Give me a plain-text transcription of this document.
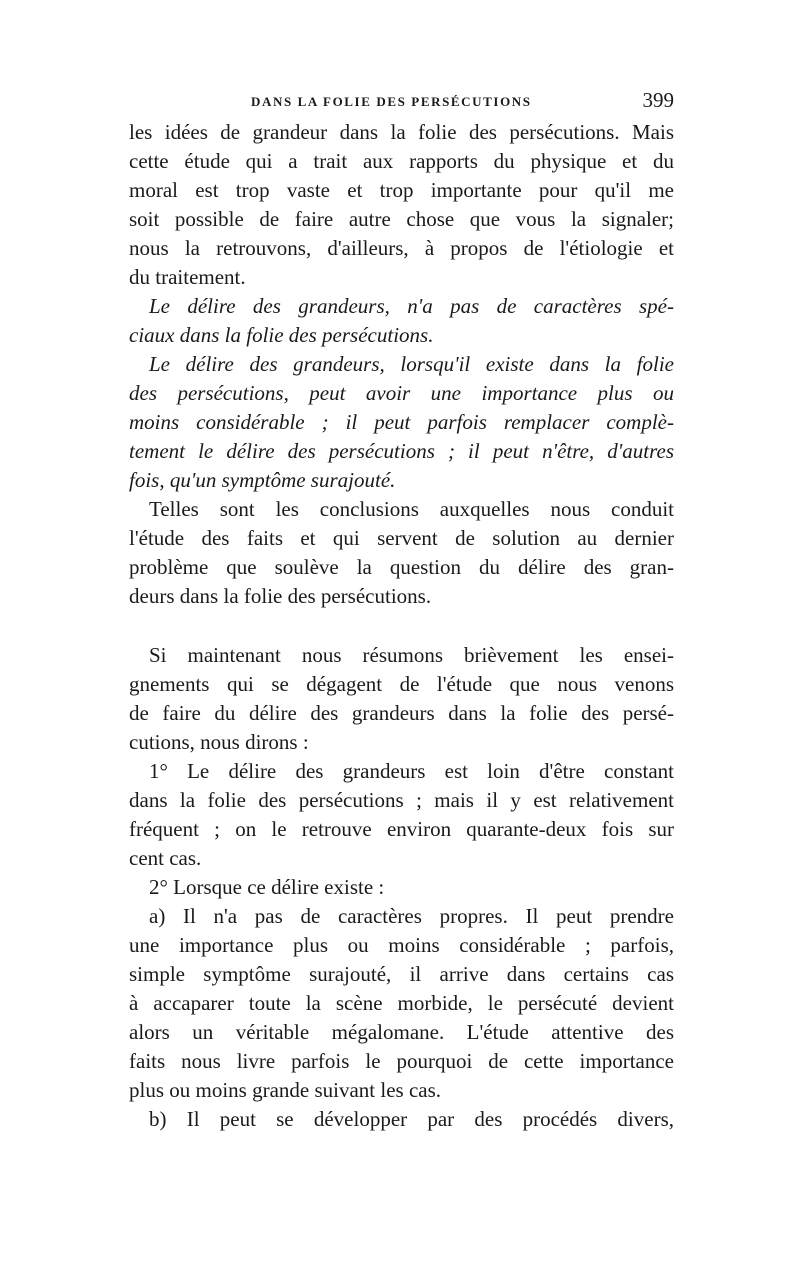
DANS LA FOLIE DES PERSÉCUTIONS	399
les idées de grandeur dans la folie des persécutions. Mais
cette étude qui a trait aux rapports du physique et du
moral est trop vaste et trop importante pour qu'il me
soit possible de faire autre chose que vous la signaler;
nous la retrouvons, d'ailleurs, à propos de l'étiologie et
du traitement.
Le délire des grandeurs, n'a pas de caractères spé-
ciaux dans la folie des persécutions.
Le délire des grandeurs, lorsqu'il existe dans la folie
des persécutions, peut avoir une importance plus ou
moins considérable ; il peut parfois remplacer complè-
tement le délire des persécutions ; il peut n'être, d'autres
fois, qu'un symptôme surajouté.
Telles sont les conclusions auxquelles nous conduit
l'étude des faits et qui servent de solution au dernier
problème que soulève la question du délire des gran-
deurs dans la folie des persécutions.
Si maintenant nous résumons brièvement les ensei-
gnements qui se dégagent de l'étude que nous venons
de faire du délire des grandeurs dans la folie des persé-
cutions, nous dirons :
1° Le délire des grandeurs est loin d'être constant
dans la folie des persécutions ; mais il y est relativement
fréquent ; on le retrouve environ quarante-deux fois sur
cent cas.
2° Lorsque ce délire existe :
a) Il n'a pas de caractères propres. Il peut prendre
une importance plus ou moins considérable ; parfois,
simple symptôme surajouté, il arrive dans certains cas
à accaparer toute la scène morbide, le persécuté devient
alors un véritable mégalomane. L'étude attentive des
faits nous livre parfois le pourquoi de cette importance
plus ou moins grande suivant les cas.
b) Il peut se développer par des procédés divers,
